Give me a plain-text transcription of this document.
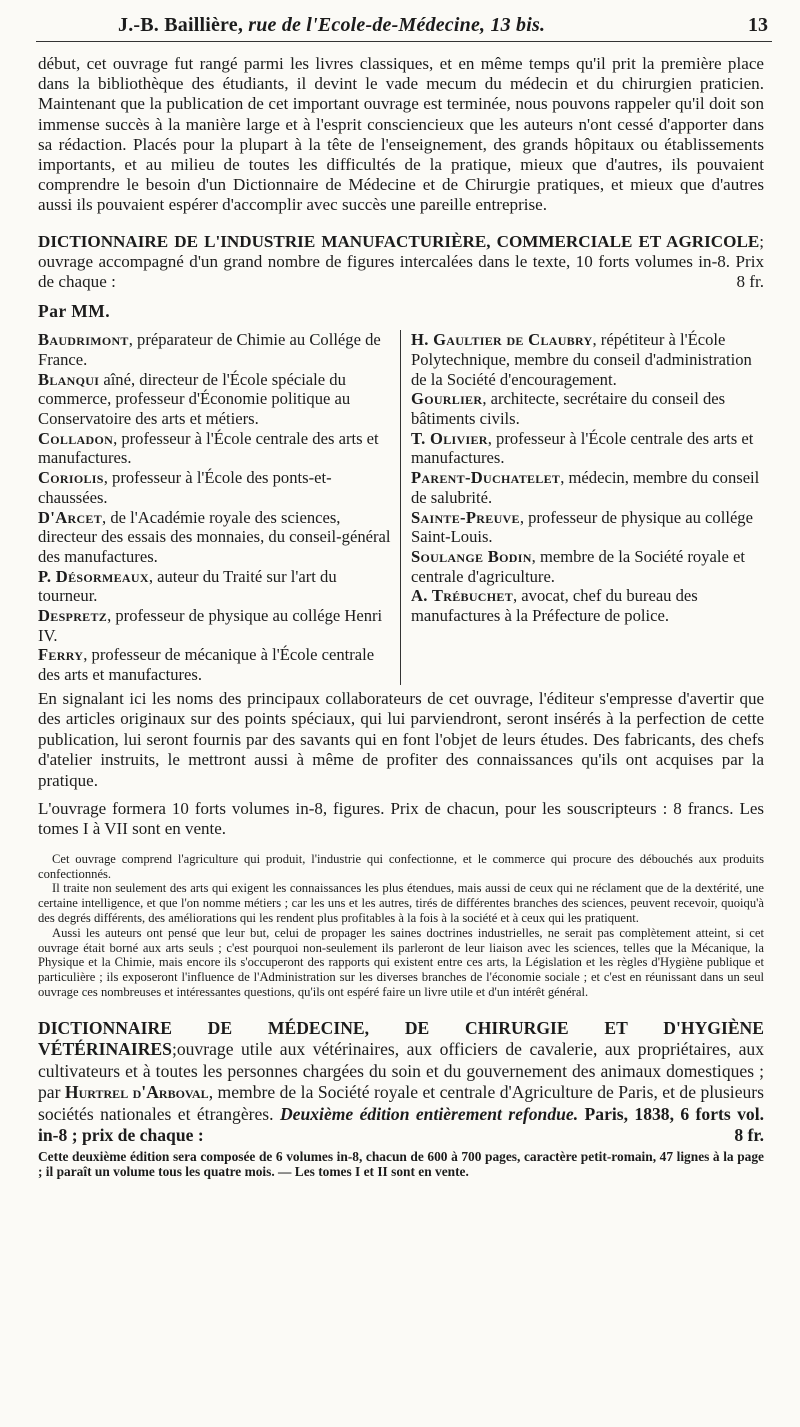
J.-B. Baillière, rue de l'Ecole-de-Médecine, 13 bis.	13

début, cet ouvrage fut rangé parmi les livres classiques, et en même temps qu'il prit la première place dans la bibliothèque des étudiants, il devint le vade mecum du médecin et du chirurgien praticien. Maintenant que la publication de cet important ouvrage est terminée, nous pouvons rappeler qu'il doit son immense succès à la manière large et à l'esprit consciencieux que les auteurs n'ont cessé d'apporter dans sa rédaction. Placés pour la plupart à la tête de l'enseignement, des grands hôpitaux ou établissements importants, et au milieu de toutes les difficultés de la pratique, mieux que d'autres, ils pouvaient comprendre le besoin d'un Dictionnaire de Médecine et de Chirurgie pratiques, et mieux que d'autres aussi ils pouvaient espérer d'accomplir avec succès une pareille entreprise.

DICTIONNAIRE DE L'INDUSTRIE MANUFACTURIÈRE, COMMERCIALE ET AGRICOLE; ouvrage accompagné d'un grand nombre de figures intercalées dans le texte, 10 forts volumes in-8. Prix de chaque :	8 fr.

Par MM.

Baudrimont, préparateur de Chimie au Collége de France.

Blanqui aîné, directeur de l'École spéciale du commerce, professeur d'Économie politique au Conservatoire des arts et métiers.

Colladon, professeur à l'École centrale des arts et manufactures.

Coriolis, professeur à l'École des ponts-et-chaussées.

D'Arcet, de l'Académie royale des sciences, directeur des essais des monnaies, du conseil-général des manufactures.

P. Désormeaux, auteur du Traité sur l'art du tourneur.

Despretz, professeur de physique au collége Henri IV.

Ferry, professeur de mécanique à l'École centrale des arts et manufactures.

H. Gaultier de Claubry, répétiteur à l'École Polytechnique, membre du conseil d'administration de la Société d'encouragement.

Gourlier, architecte, secrétaire du conseil des bâtiments civils.

T. Olivier, professeur à l'École centrale des arts et manufactures.

Parent-Duchatelet, médecin, membre du conseil de salubrité.

Sainte-Preuve, professeur de physique au collége Saint-Louis.

Soulange Bodin, membre de la Société royale et centrale d'agriculture.

A. Trébuchet, avocat, chef du bureau des manufactures à la Préfecture de police.

En signalant ici les noms des principaux collaborateurs de cet ouvrage, l'éditeur s'empresse d'avertir que des articles originaux sur des points spéciaux, qui lui parviendront, seront insérés à la perfection de cette publication, lui seront fournis par des savants qui en font l'objet de leurs études. Des fabricants, des chefs d'atelier instruits, le mettront aussi à même de profiter des connaissances qu'ils ont acquises par la pratique.

L'ouvrage formera 10 forts volumes in-8, figures. Prix de chacun, pour les souscripteurs : 8 francs. Les tomes I à VII sont en vente.

Cet ouvrage comprend l'agriculture qui produit, l'industrie qui confectionne, et le commerce qui procure des débouchés aux produits confectionnés.

Il traite non seulement des arts qui exigent les connaissances les plus étendues, mais aussi de ceux qui ne réclament que de la dextérité, une certaine intelligence, et que l'on nomme métiers ; car les uns et les autres, tirés de différentes branches des sciences, peuvent recevoir, quoiqu'à des degrés différents, des améliorations qui les rendent plus profitables à la fois à la société et à ceux qui les pratiquent.

Aussi les auteurs ont pensé que leur but, celui de propager les saines doctrines industrielles, ne serait pas complètement atteint, si cet ouvrage était borné aux arts seuls ; c'est pourquoi non-seulement ils parleront de leur liaison avec les sciences, telles que la Mécanique, la Physique et la Chimie, mais encore ils s'occuperont des rapports qui existent entre ces arts, la Législation et les règles d'Hygiène publique et particulière ; ils exposeront l'influence de l'Administration sur les diverses branches de l'économie sociale ; et c'est en réunissant dans un seul ouvrage ces nombreuses et intéressantes questions, qu'ils ont espéré faire un livre utile et d'un intérêt général.

DICTIONNAIRE DE MÉDECINE, DE CHIRURGIE ET D'HYGIÈNE VÉTÉRINAIRES;ouvrage utile aux vétérinaires, aux officiers de cavalerie, aux propriétaires, aux cultivateurs et à toutes les personnes chargées du soin et du gouvernement des animaux domestiques ; par Hurtrel d'Arboval, membre de la Société royale et centrale d'Agriculture de Paris, et de plusieurs sociétés nationales et étrangères. Deuxième édition entièrement refondue. Paris, 1838, 6 forts vol. in-8 ; prix de chaque :	8 fr.

Cette deuxième édition sera composée de 6 volumes in-8, chacun de 600 à 700 pages, caractère petit-romain, 47 lignes à la page ; il paraît un volume tous les quatre mois. — Les tomes I et II sont en vente.
